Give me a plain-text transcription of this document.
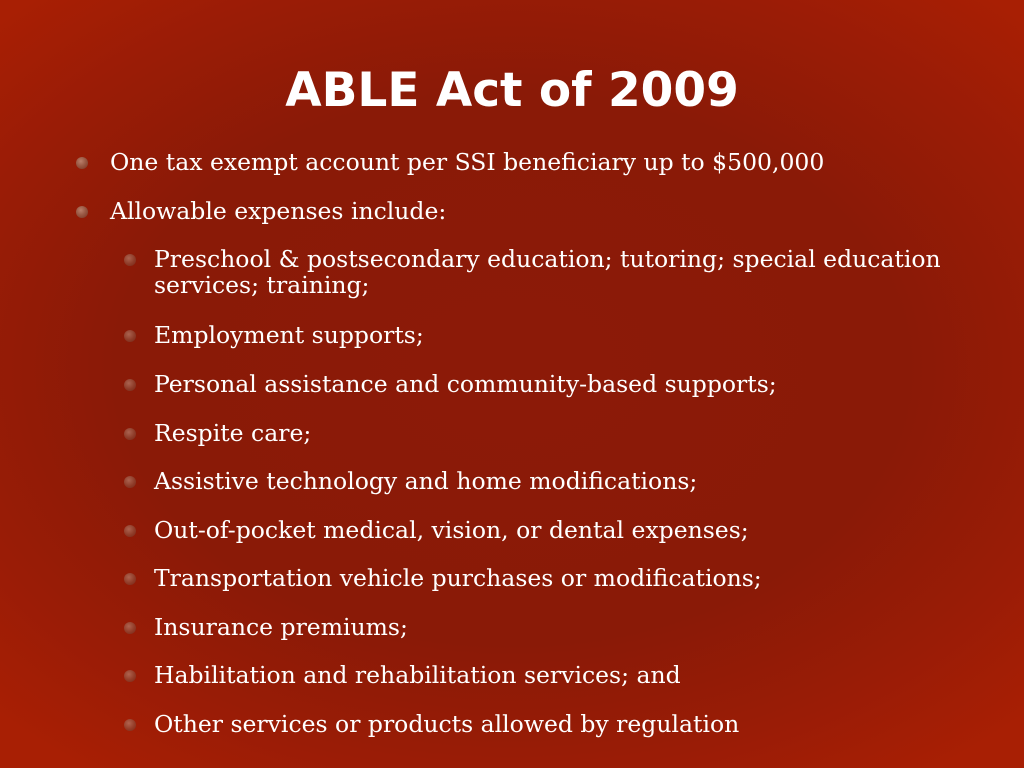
ABLE Act of 2009
One tax exempt account per SSI beneficiary up to $500,000
Allowable expenses include:
Preschool & postsecondary education; tutoring; special education services; training;
Employment supports;
Personal assistance and community-based supports;
Respite care;
Assistive technology and home modifications;
Out-of-pocket medical, vision, or dental expenses;
Transportation vehicle purchases or modifications;
Insurance premiums;
Habilitation and rehabilitation services; and
Other services or products allowed by regulation
